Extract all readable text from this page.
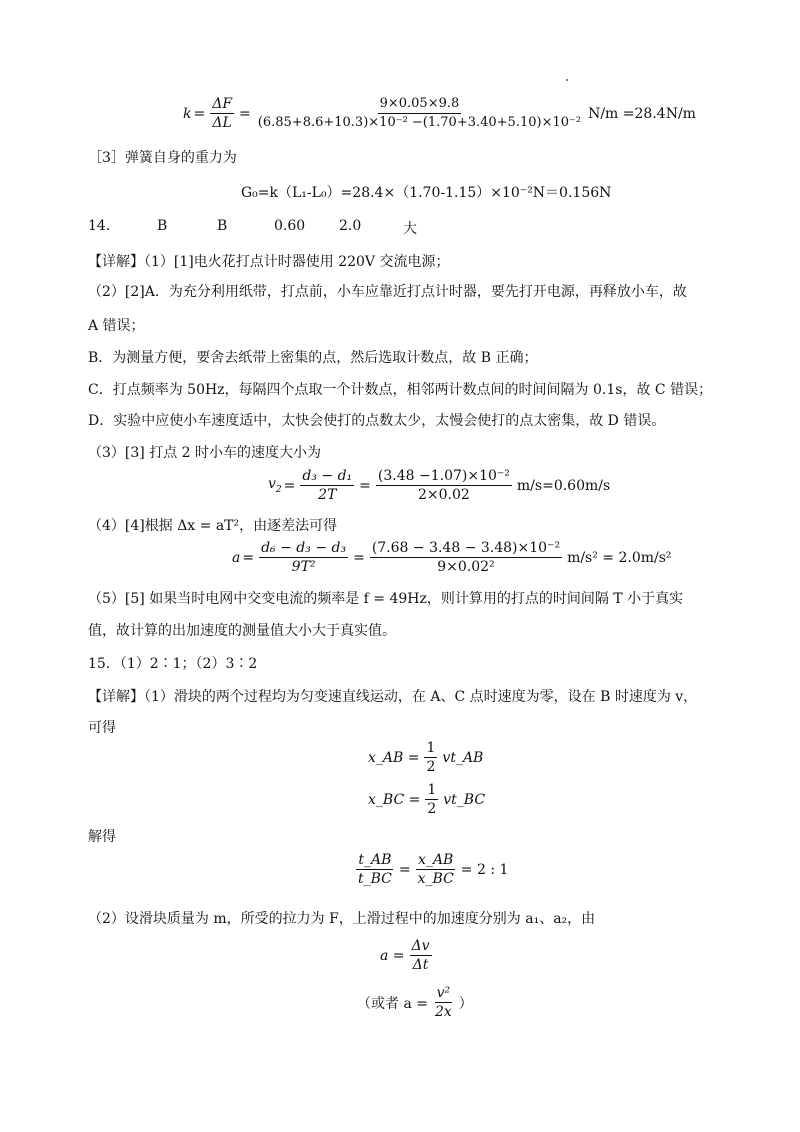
$k = \frac{\Delta F}{\Delta L} = \frac{9\times 0.05\times 9.8}{\text{(6.85+8.6+10.3)×10⁻² −(1.70+3.40+5.10)×10⁻²}} N/m =28.4N/m$
［3］弹簧自身的重力为
G₀=k（L₁-L₀）=28.4×（1.70-1.15）×10⁻²N＝0.156N
14.	B	B	0.60 2.0	大
【详解】（1）[1]电火花打点计时器使用 220V 交流电源；
（2）[2]A．为充分利用纸带，打点前，小车应靠近打点计时器，要先打开电源，再释放小车，故
A 错误；
B．为测量方便，要舍去纸带上密集的点，然后选取计数点，故 B 正确；
C．打点频率为 50Hz，每隔四个点取一个计数点，相邻两计数点间的时间间隔为 0.1s，故 C 错误；
D．实验中应使小车速度适中，太快会使打的点数太少，太慢会使打的点太密集，故 D 错误。
（3）[3] 打点 2 时小车的速度大小为
$v_2 = \frac{\text{d₃ − d₁}}{2T} = \frac{\text{(3.48 −1.07)×10⁻²}}{2\times 0.02} m/s=0.60m/s$
（4）[4]根据 Δx = aT²，由逐差法可得
$a = \frac{\text{d₆ − d₃ − d₃}}{\text{9T²}} = \frac{\text{(7.68 − 3.48 − 3.48)×10⁻²}}{\text{9×0.02²}} m/s^2 = 2.0m/s^2$
（5）[5] 如果当时电网中交变电流的频率是 f = 49Hz，则计算用的打点的时间间隔 T 小于真实
值，故计算的出加速度的测量值大小大于真实值。
15．（1）2∶1；（2）3∶2
【详解】（1）滑块的两个过程均为匀变速直线运动，在 A、C 点时速度为零，设在 B 时速度为 v，
可得
x_AB = $\frac{1}{2}$ vt_AB
x_BC = $\frac{1}{2}$ vt_BC
解得
$\frac{t\_AB}{t\_BC} = \frac{x\_AB}{x\_BC} = 2$ : 1
（2）设滑块质量为 m，所受的拉力为 F，上滑过程中的加速度分别为 a₁、a₂，由
$a = \frac{\Delta v}{\Delta t}$
（或者 $a = \frac{\text{v²}}{2x}$ ）
